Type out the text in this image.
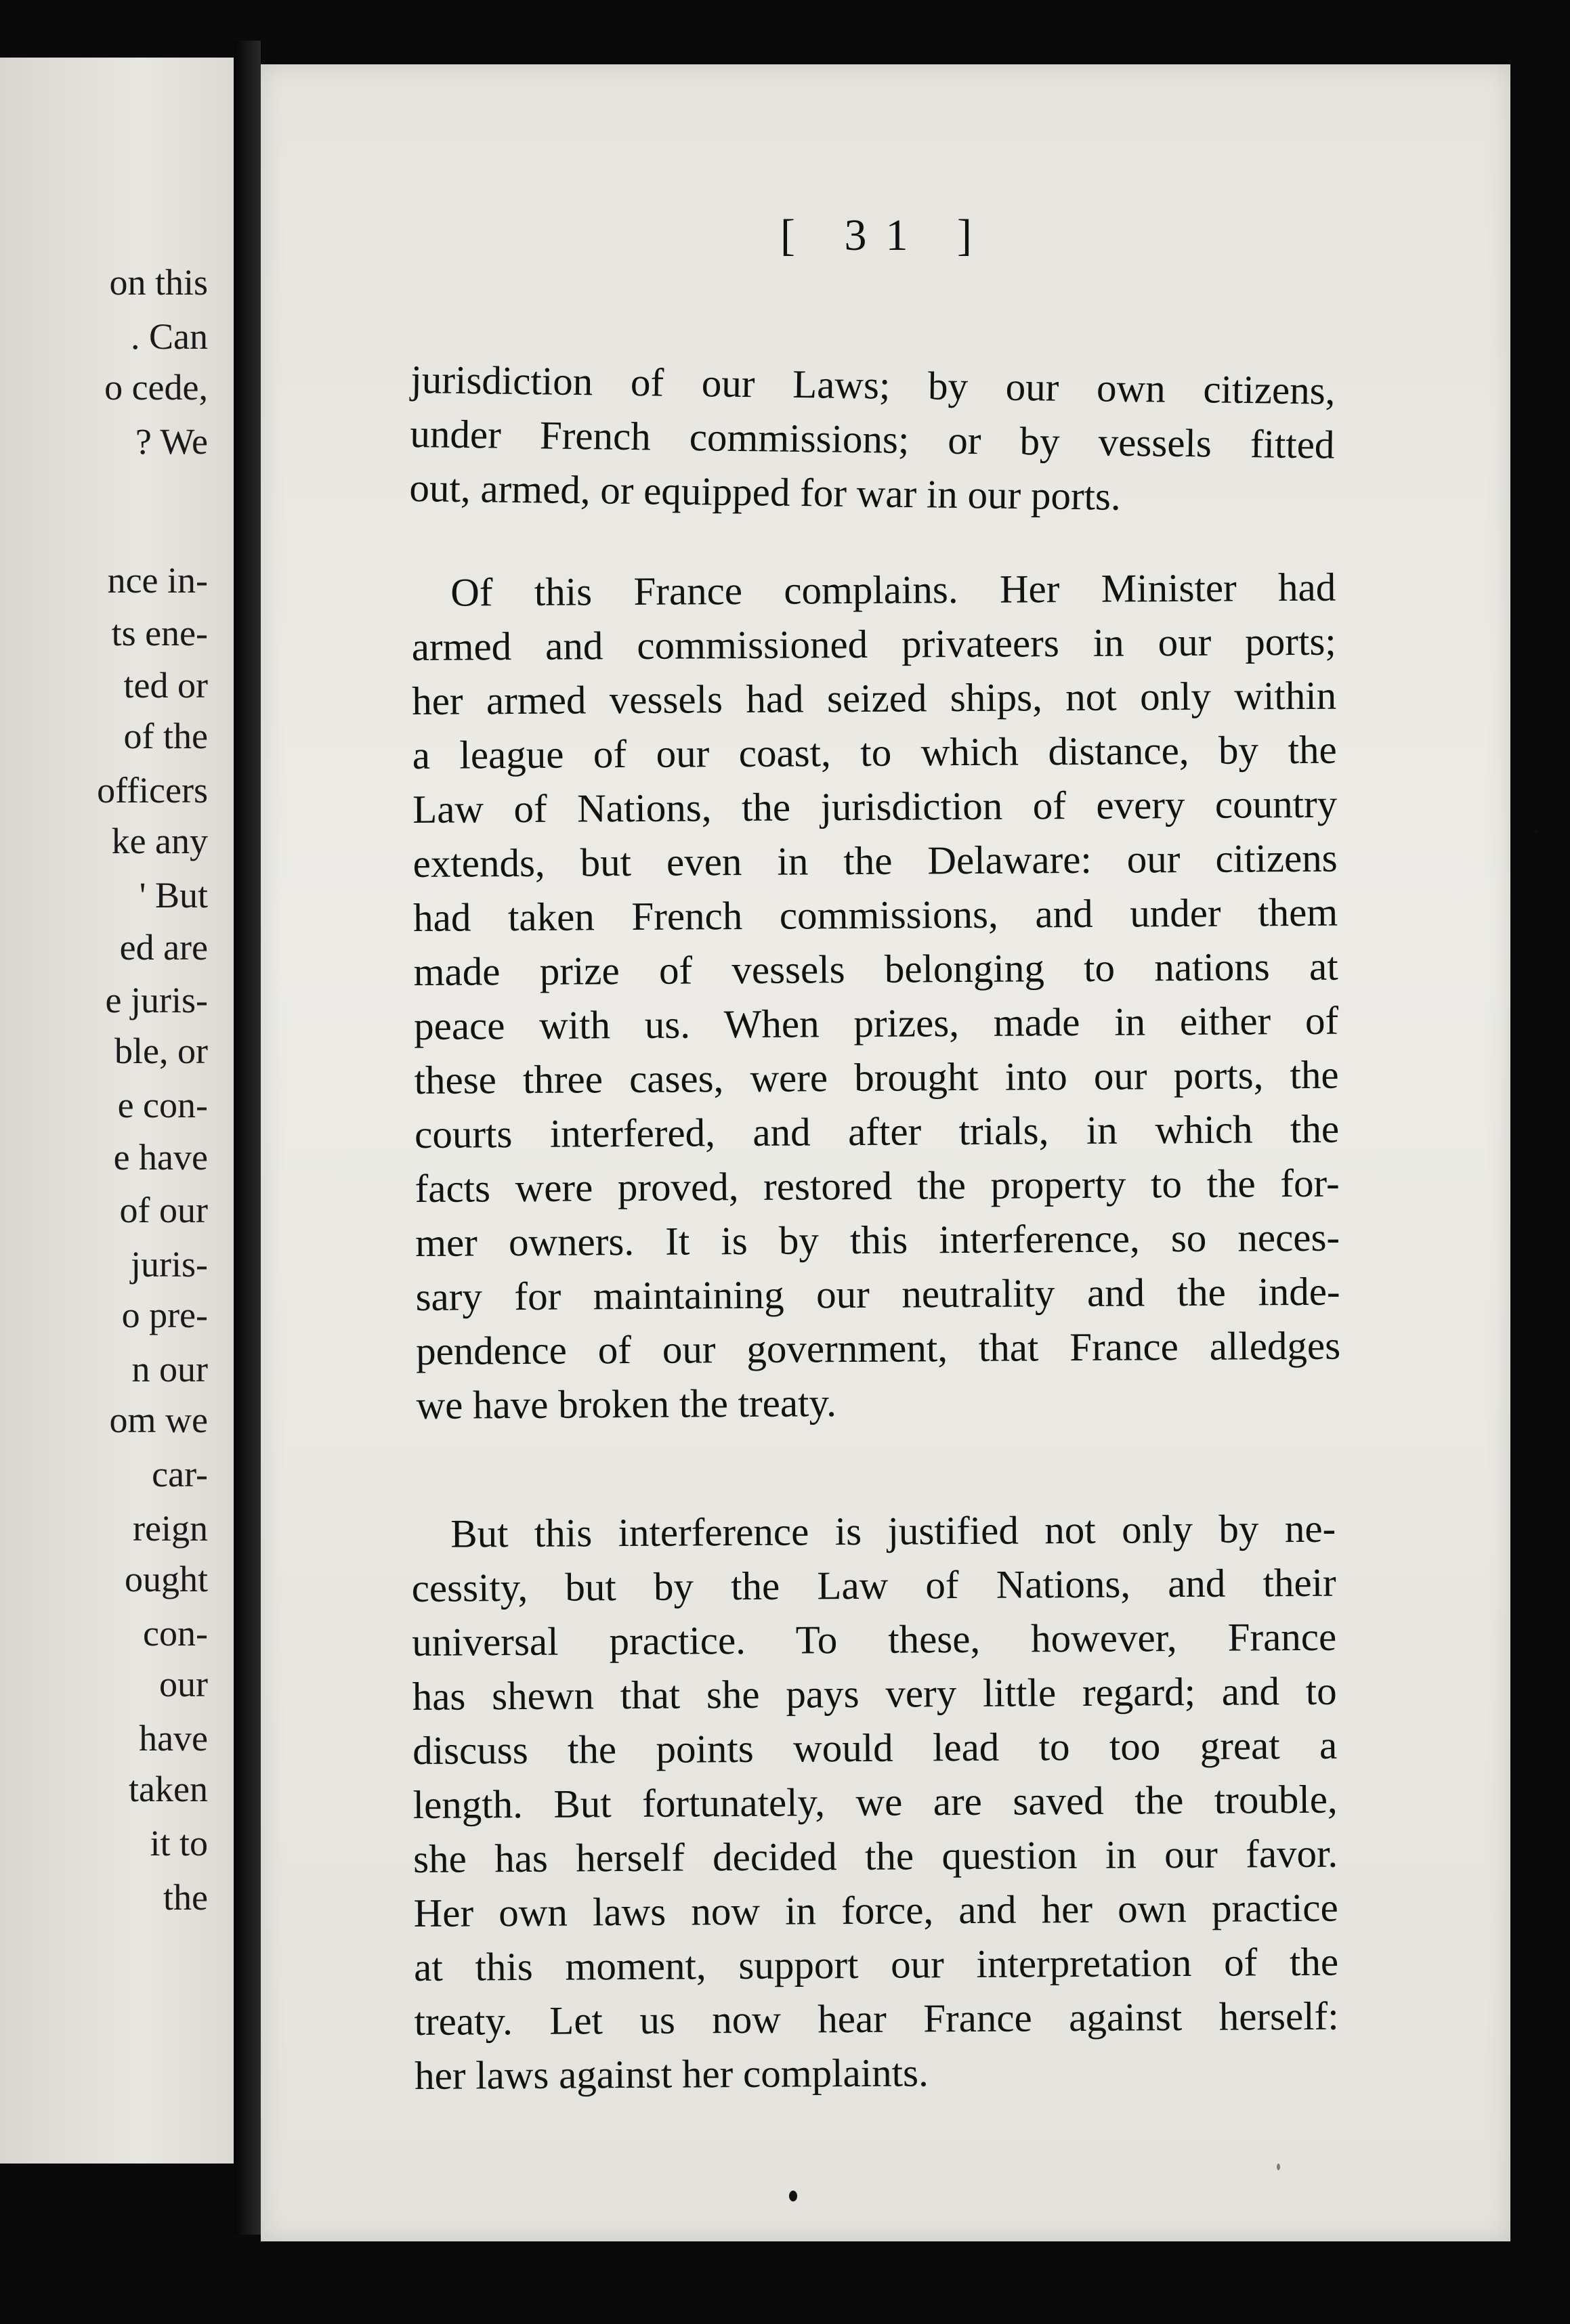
on this
. Can
o cede,
? We
nce in-
ts ene-
ted or
of the
officers
ke any
' But
ed are
e juris-
ble, or
e con-
e have
of our
juris-
o pre-
n our
om we
car-
reign
ought
con-
our
have
taken
it to
the
[ 31 ]
jurisdiction of our Laws; by our own citizens,
under French commissions; or by vessels fitted
out, armed, or equipped for war in our ports.
Of this France complains. Her Minister had
armed and commissioned privateers in our ports;
her armed vessels had seized ships, not only within
a league of our coast, to which distance, by the
Law of Nations, the jurisdiction of every country
extends, but even in the Delaware: our citizens
had taken French commissions, and under them
made prize of vessels belonging to nations at
peace with us. When prizes, made in either of
these three cases, were brought into our ports, the
courts interfered, and after trials, in which the
facts were proved, restored the property to the for-
mer owners. It is by this interference, so neces-
sary for maintaining our neutrality and the inde-
pendence of our government, that France alledges
we have broken the treaty.
But this interference is justified not only by ne-
cessity, but by the Law of Nations, and their
universal practice. To these, however, France
has shewn that she pays very little regard; and to
discuss the points would lead to too great a
length. But fortunately, we are saved the trouble,
she has herself decided the question in our favor.
Her own laws now in force, and her own practice
at this moment, support our interpretation of the
treaty. Let us now hear France against herself:
her laws against her complaints.
